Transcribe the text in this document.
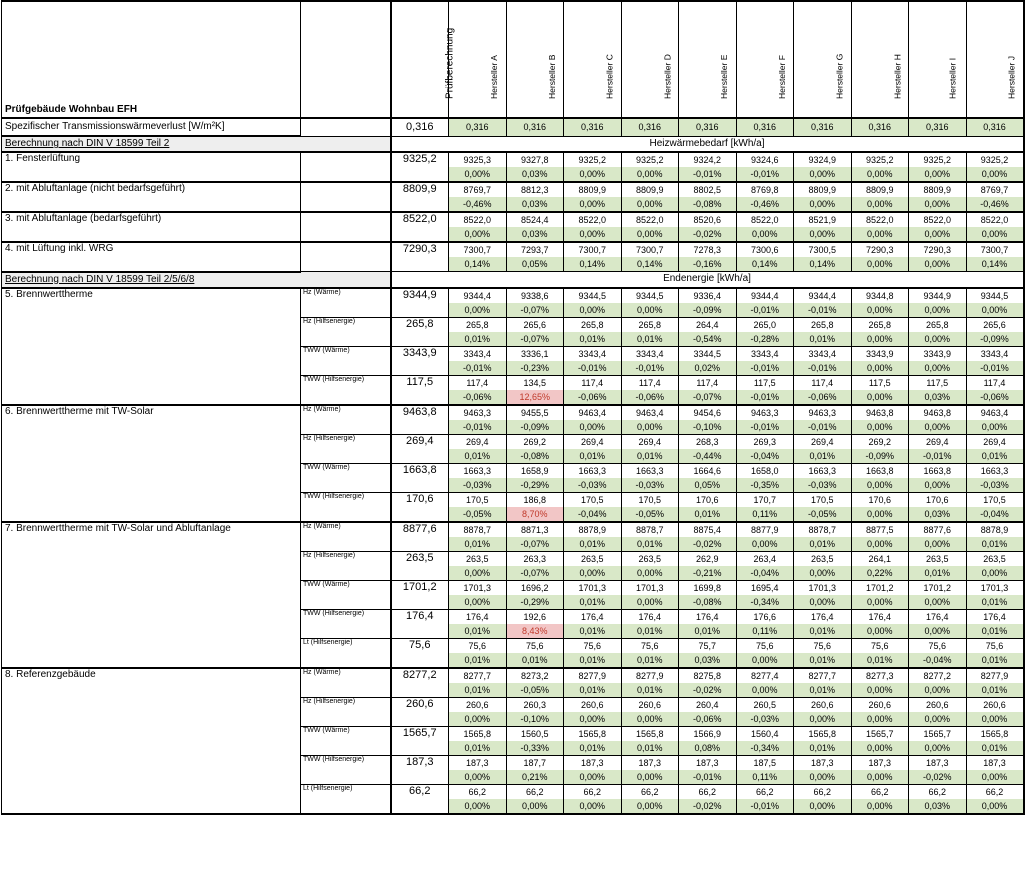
Prüfgebäude Wohnbau EFH		Prüfberechnung	Hersteller A	Hersteller B	Hersteller C	Hersteller D	Hersteller E	Hersteller F	Hersteller G	Hersteller H	Hersteller I	Hersteller J

Spezifischer Transmissionswärmeverlust [W/m²K]		0,316	0,316	0,316	0,316	0,316	0,316	0,316	0,316	0,316	0,316	0,316
Berechnung nach DIN V 18599 Teil 2		Heizwärmebedarf [kWh/a]										
1. Fensterlüftung		9325,2	9325,3	9327,8	9325,2	9325,2	9324,2	9324,6	9324,9	9325,2	9325,2	9325,2
			0,00%	0,03%	0,00%	0,00%	-0,01%	-0,01%	0,00%	0,00%	0,00%	0,00%
2. mit Abluftanlage (nicht bedarfsgeführt)		8809,9	8769,7	8812,3	8809,9	8809,9	8802,5	8769,8	8809,9	8809,9	8809,9	8769,7
			-0,46%	0,03%	0,00%	0,00%	-0,08%	-0,46%	0,00%	0,00%	0,00%	-0,46%
3. mit Abluftanlage (bedarfsgeführt)		8522,0	8522,0	8524,4	8522,0	8522,0	8520,6	8522,0	8521,9	8522,0	8522,0	8522,0
			0,00%	0,03%	0,00%	0,00%	-0,02%	0,00%	0,00%	0,00%	0,00%	0,00%
4. mit Lüftung inkl. WRG		7290,3	7300,7	7293,7	7300,7	7300,7	7278,3	7300,6	7300,5	7290,3	7290,3	7300,7
			0,14%	0,05%	0,14%	0,14%	-0,16%	0,14%	0,14%	0,00%	0,00%	0,14%
Berechnung nach DIN V 18599 Teil 2/5/6/8		Endenergie [kWh/a]										
5. Brennwerttherme	Hz (Wärme)	9344,9	9344,4	9338,6	9344,5	9344,5	9336,4	9344,4	9344,4	9344,8	9344,9	9344,5
			0,00%	-0,07%	0,00%	0,00%	-0,09%	-0,01%	-0,01%	0,00%	0,00%	0,00%
	Hz (Hilfsenergie)	265,8	265,8	265,6	265,8	265,8	264,4	265,0	265,8	265,8	265,8	265,6
			0,01%	-0,07%	0,01%	0,01%	-0,54%	-0,28%	0,01%	0,00%	0,00%	-0,09%
	TWW (Wärme)	3343,9	3343,4	3336,1	3343,4	3343,4	3344,5	3343,4	3343,4	3343,9	3343,9	3343,4
			-0,01%	-0,23%	-0,01%	-0,01%	0,02%	-0,01%	-0,01%	0,00%	0,00%	-0,01%
	TWW (Hilfsenergie)	117,5	117,4	134,5	117,4	117,4	117,4	117,5	117,4	117,5	117,5	117,4
			-0,06%	12,65%	-0,06%	-0,06%	-0,07%	-0,01%	-0,06%	0,00%	0,03%	-0,06%
6. Brennwerttherme mit TW-Solar	Hz (Wärme)	9463,8	9463,3	9455,5	9463,4	9463,4	9454,6	9463,3	9463,3	9463,8	9463,8	9463,4
			-0,01%	-0,09%	0,00%	0,00%	-0,10%	-0,01%	-0,01%	0,00%	0,00%	0,00%
	Hz (Hilfsenergie)	269,4	269,4	269,2	269,4	269,4	268,3	269,3	269,4	269,2	269,4	269,4
			0,01%	-0,08%	0,01%	0,01%	-0,44%	-0,04%	0,01%	-0,09%	-0,01%	0,01%
	TWW (Wärme)	1663,8	1663,3	1658,9	1663,3	1663,3	1664,6	1658,0	1663,3	1663,8	1663,8	1663,3
			-0,03%	-0,29%	-0,03%	-0,03%	0,05%	-0,35%	-0,03%	0,00%	0,00%	-0,03%
	TWW (Hilfsenergie)	170,6	170,5	186,8	170,5	170,5	170,6	170,7	170,5	170,6	170,6	170,5
			-0,05%	8,70%	-0,04%	-0,05%	0,01%	0,11%	-0,05%	0,00%	0,03%	-0,04%
7. Brennwerttherme mit TW-Solar und Abluftanlage	Hz (Wärme)	8877,6	8878,7	8871,3	8878,9	8878,7	8875,4	8877,9	8878,7	8877,5	8877,6	8878,9
			0,01%	-0,07%	0,01%	0,01%	-0,02%	0,00%	0,01%	0,00%	0,00%	0,01%
	Hz (Hilfsenergie)	263,5	263,5	263,3	263,5	263,5	262,9	263,4	263,5	264,1	263,5	263,5
			0,00%	-0,07%	0,00%	0,00%	-0,21%	-0,04%	0,00%	0,22%	0,01%	0,00%
	TWW (Wärme)	1701,2	1701,3	1696,2	1701,3	1701,3	1699,8	1695,4	1701,3	1701,2	1701,2	1701,3
			0,00%	-0,29%	0,01%	0,00%	-0,08%	-0,34%	0,00%	0,00%	0,00%	0,01%
	TWW (Hilfsenergie)	176,4	176,4	192,6	176,4	176,4	176,4	176,6	176,4	176,4	176,4	176,4
			0,01%	8,43%	0,01%	0,01%	0,01%	0,11%	0,01%	0,00%	0,00%	0,01%
	Lt (Hilfsenergie)	75,6	75,6	75,6	75,6	75,6	75,7	75,6	75,6	75,6	75,6	75,6
			0,01%	0,01%	0,01%	0,01%	0,03%	0,00%	0,01%	0,01%	-0,04%	0,01%
8. Referenzgebäude	Hz (Wärme)	8277,2	8277,7	8273,2	8277,9	8277,9	8275,8	8277,4	8277,7	8277,3	8277,2	8277,9
			0,01%	-0,05%	0,01%	0,01%	-0,02%	0,00%	0,01%	0,00%	0,00%	0,01%
	Hz (Hilfsenergie)	260,6	260,6	260,3	260,6	260,6	260,4	260,5	260,6	260,6	260,6	260,6
			0,00%	-0,10%	0,00%	0,00%	-0,06%	-0,03%	0,00%	0,00%	0,00%	0,00%
	TWW (Wärme)	1565,7	1565,8	1560,5	1565,8	1565,8	1566,9	1560,4	1565,8	1565,7	1565,7	1565,8
			0,01%	-0,33%	0,01%	0,01%	0,08%	-0,34%	0,01%	0,00%	0,00%	0,01%
	TWW (Hilfsenergie)	187,3	187,3	187,7	187,3	187,3	187,3	187,5	187,3	187,3	187,3	187,3
			0,00%	0,21%	0,00%	0,00%	-0,01%	0,11%	0,00%	0,00%	-0,02%	0,00%
	Lt (Hilfsenergie)	66,2	66,2	66,2	66,2	66,2	66,2	66,2	66,2	66,2	66,2	66,2
			0,00%	0,00%	0,00%	0,00%	-0,02%	-0,01%	0,00%	0,00%	0,03%	0,00%
